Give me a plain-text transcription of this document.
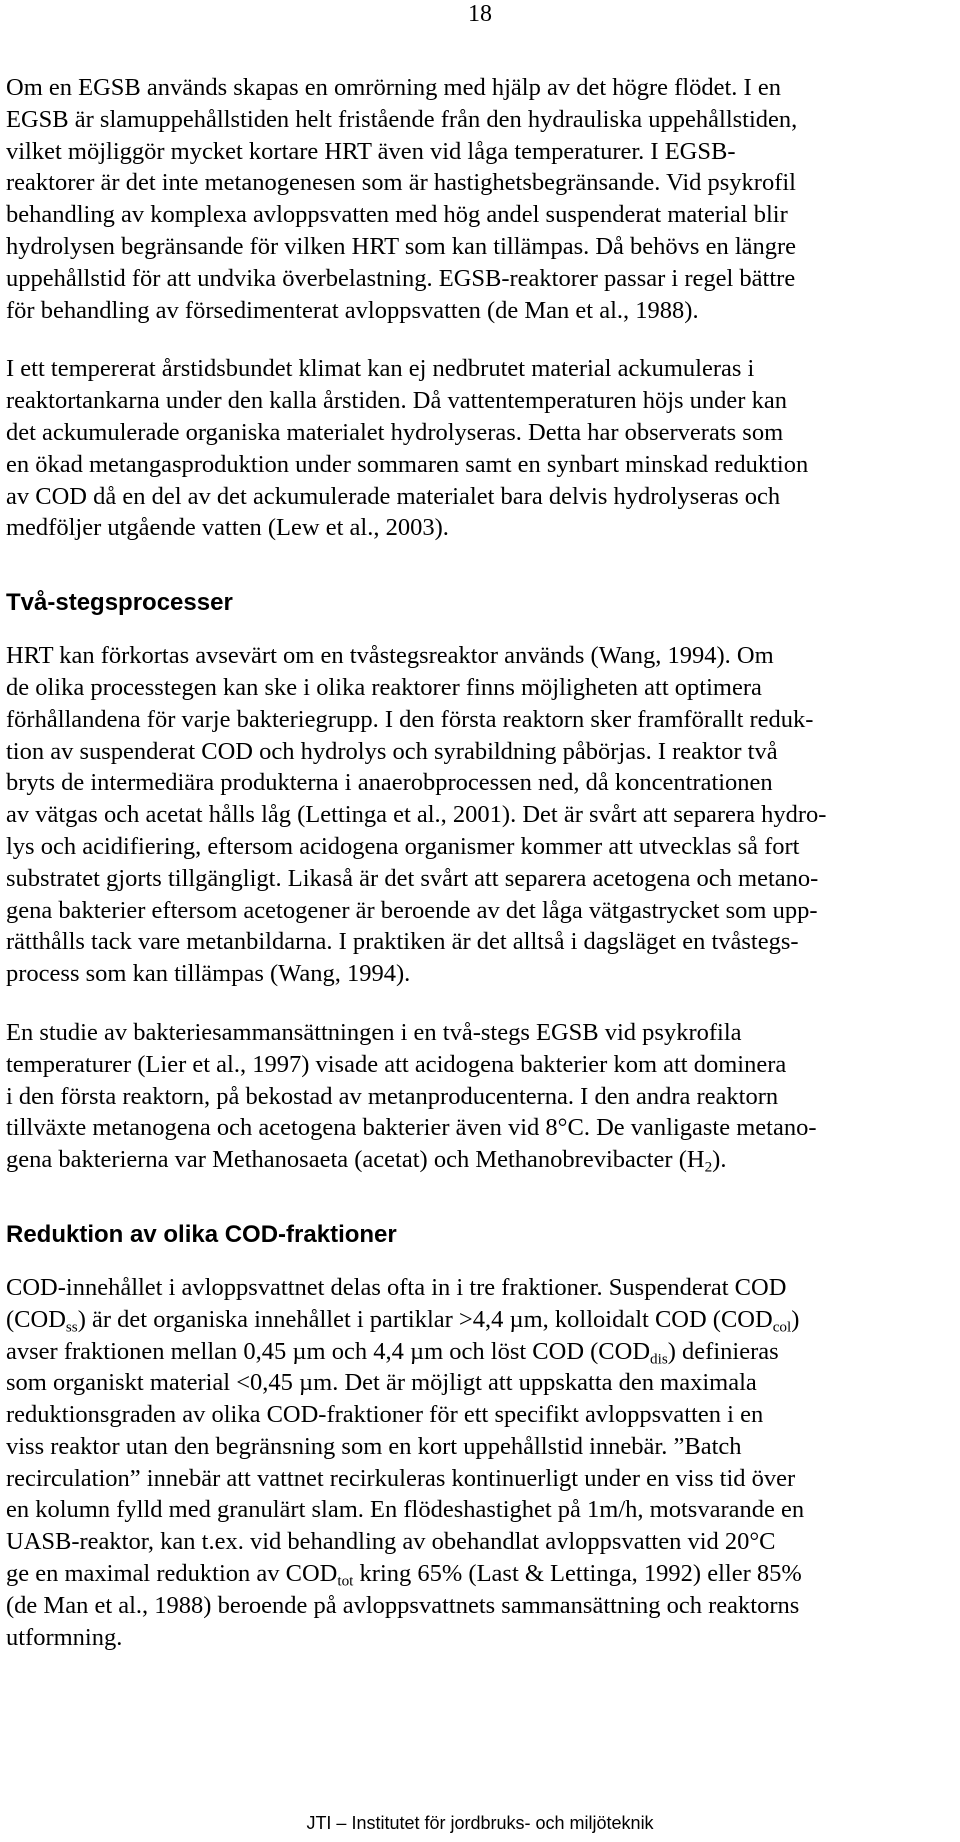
18
Om en EGSB används skapas en omrörning med hjälp av det högre flödet. I en
EGSB är slamuppehållstiden helt fristående från den hydrauliska uppehållstiden,
vilket möjliggör mycket kortare HRT även vid låga temperaturer. I EGSB-
reaktorer är det inte metanogenesen som är hastighetsbegränsande. Vid psykrofil
behandling av komplexa avloppsvatten med hög andel suspenderat material blir
hydrolysen begränsande för vilken HRT som kan tillämpas. Då behövs en längre
uppehållstid för att undvika överbelastning. EGSB-reaktorer passar i regel bättre
för behandling av försedimenterat avloppsvatten (de Man et al., 1988).
I ett tempererat årstidsbundet klimat kan ej nedbrutet material ackumuleras i
reaktortankarna under den kalla årstiden. Då vattentemperaturen höjs under kan
det ackumulerade organiska materialet hydrolyseras. Detta har observerats som
en ökad metangasproduktion under sommaren samt en synbart minskad reduktion
av COD då en del av det ackumulerade materialet bara delvis hydrolyseras och
medföljer utgående vatten (Lew et al., 2003).
Två-stegsprocesser
HRT kan förkortas avsevärt om en tvåstegsreaktor används (Wang, 1994). Om
de olika processtegen kan ske i olika reaktorer finns möjligheten att optimera
förhållandena för varje bakteriegrupp. I den första reaktorn sker framförallt reduk-
tion av suspenderat COD och hydrolys och syrabildning påbörjas. I reaktor två
bryts de intermediära produkterna i anaerobprocessen ned, då koncentrationen
av vätgas och acetat hålls låg (Lettinga et al., 2001). Det är svårt att separera hydro-
lys och acidifiering, eftersom acidogena organismer kommer att utvecklas så fort
substratet gjorts tillgängligt. Likaså är det svårt att separera acetogena och metano-
gena bakterier eftersom acetogener är beroende av det låga vätgastrycket som upp-
rätthålls tack vare metanbildarna. I praktiken är det alltså i dagsläget en tvåstegs-
process som kan tillämpas (Wang, 1994).
En studie av bakteriesammansättningen i en två-stegs EGSB vid psykrofila
temperaturer (Lier et al., 1997) visade att acidogena bakterier kom att dominera
i den första reaktorn, på bekostad av metanproducenterna. I den andra reaktorn
tillväxte metanogena och acetogena bakterier även vid 8°C. De vanligaste metano-
gena bakterierna var Methanosaeta (acetat) och Methanobrevibacter $(H_2)$.
Reduktion av olika COD-fraktioner
COD-innehållet i avloppsvattnet delas ofta in i tre fraktioner. Suspenderat COD
$(COD_{ss})$ är det organiska innehållet i partiklar >4,4 µm, kolloidalt COD $(COD_{col})$
avser fraktionen mellan 0,45 µm och 4,4 µm och löst COD $(COD_{dis})$ definieras
som organiskt material <0,45 µm. Det är möjligt att uppskatta den maximala
reduktionsgraden av olika COD-fraktioner för ett specifikt avloppsvatten i en
viss reaktor utan den begränsning som en kort uppehållstid innebär. ”Batch
recirculation” innebär att vattnet recirkuleras kontinuerligt under en viss tid över
en kolumn fylld med granulärt slam. En flödeshastighet på 1m/h, motsvarande en
UASB-reaktor, kan t.ex. vid behandling av obehandlat avloppsvatten vid 20°C
ge en maximal reduktion av $COD_{tot}$ kring 65% (Last & Lettinga, 1992) eller 85%
(de Man et al., 1988) beroende på avloppsvattnets sammansättning och reaktorns
utformning.
JTI – Institutet för jordbruks- och miljöteknik
